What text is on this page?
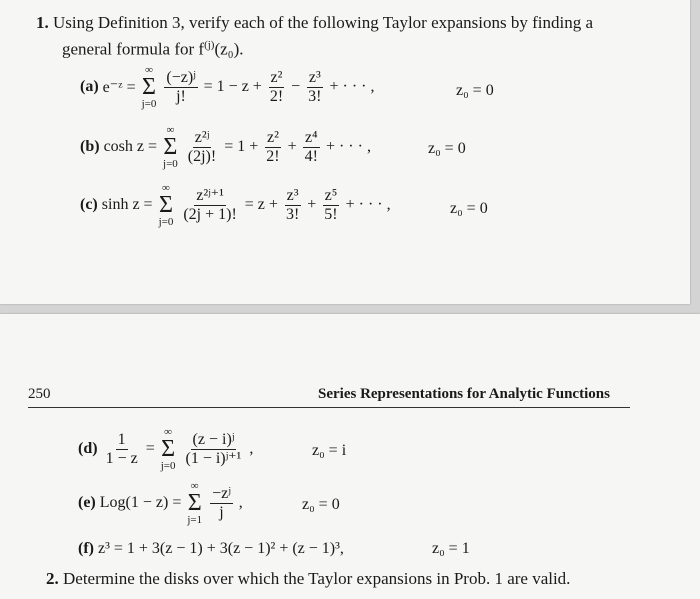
1. Using Definition 3, verify each of the following Taylor expansions by finding a
general formula for $f^{(j)}(z_0)$.
(a) e⁻ᶻ =
∞
Σ
$j=0 \frac{\text{(−z)ʲ}}{j!} = 1 - z + \frac{\text{z²}}{2!} - \frac{\text{z³}}{3!}$ + · · · ,	z₀ = 0
(b) cosh z =
∞
Σ
$j=0 \frac{\text{z²ʲ}}{(2j)!} = 1 + \frac{\text{z²}}{2!} + \frac{\text{z⁴}}{4!}$ + · · · ,	z₀ = 0
(c) sinh z =
∞
Σ
$j=0 \frac{\text{z²ʲ⁺¹}}{(2j + 1)!} = z + \frac{\text{z³}}{3!} + \frac{\text{z⁵}}{5!}$ + · · · ,	z₀ = 0
250	Series Representations for Analytic Functions
$(d) \frac{1}{1 - z}$ =
∞
Σ
$j=0 \frac{\text{(z − i)ʲ}}{\text{(1 − i)ʲ⁺¹}}$ ,	z₀ = i
(e) Log(1 − z) =
∞
Σ
$j=1 \frac{\text{−zʲ}}{j}$ ,	z₀ = 0
(f) z³ = 1 + 3(z − 1) + 3(z − 1)² + (z − 1)³,	z₀ = 1
2. Determine the disks over which the Taylor expansions in Prob. 1 are valid.
